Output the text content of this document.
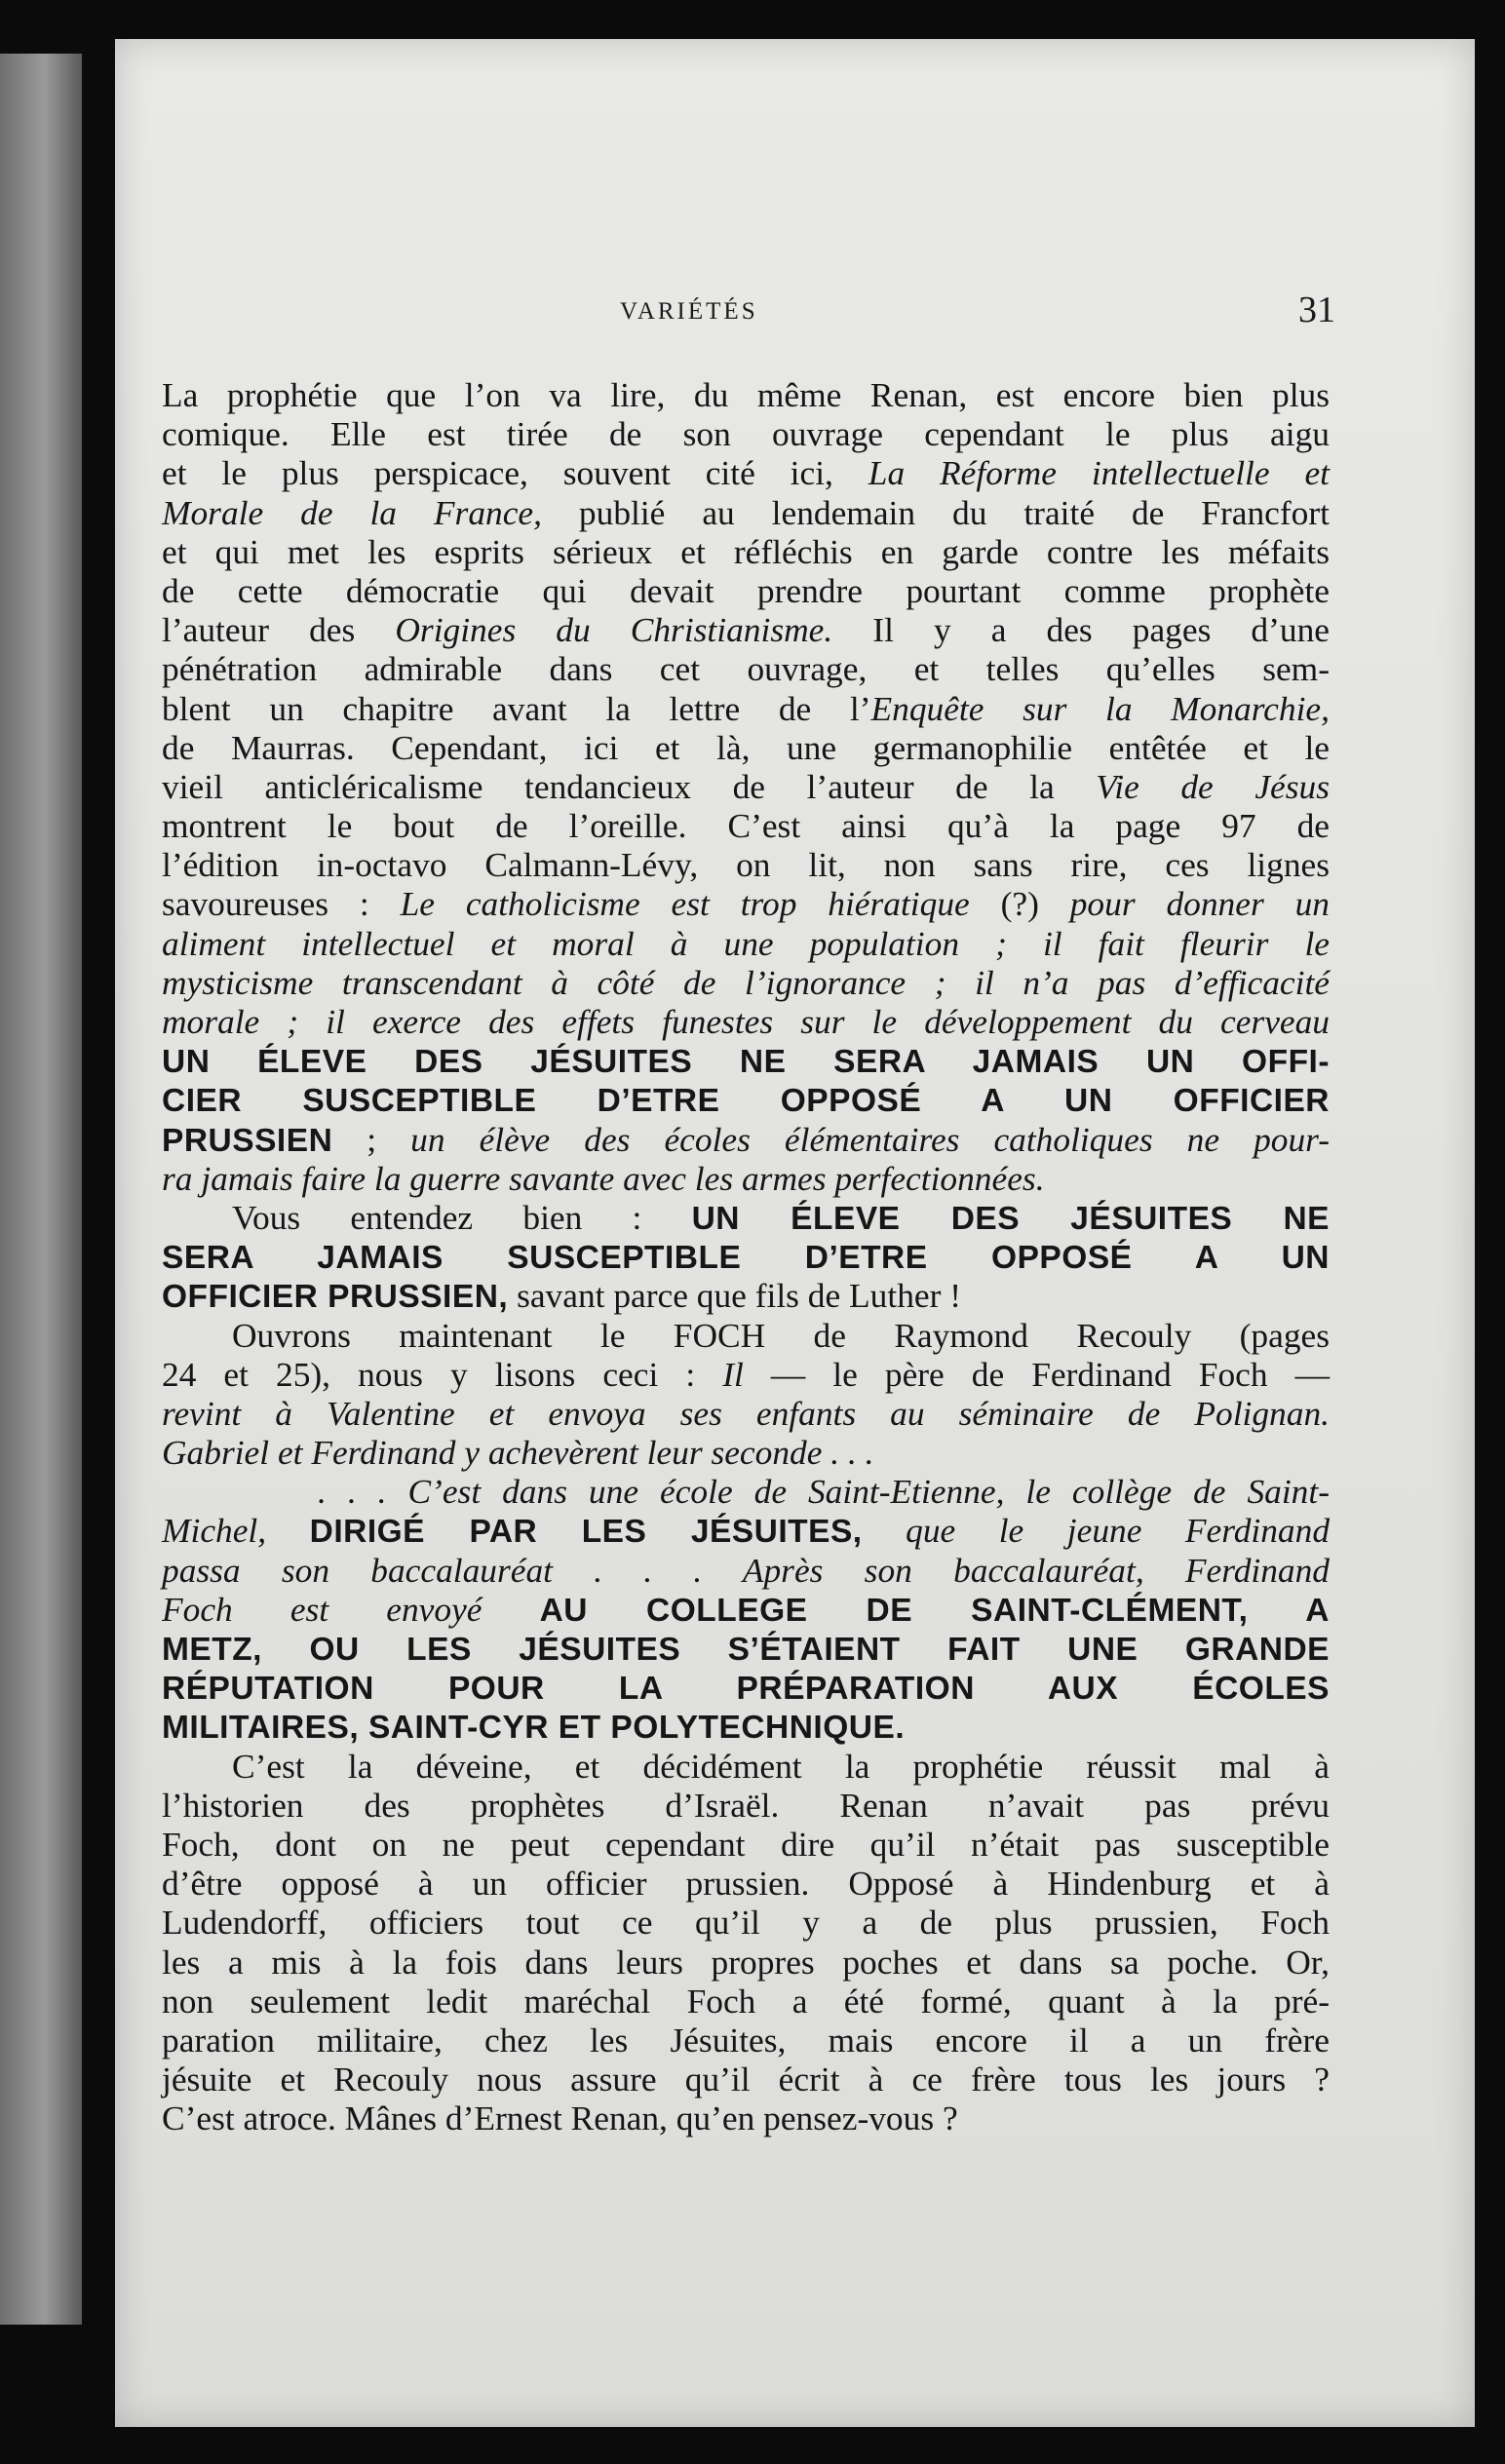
VARIÉTÉS	31
La prophétie que l’on va lire, du même Renan, est encore bien plus
comique. Elle est tirée de son ouvrage cependant le plus aigu
et le plus perspicace, souvent cité ici, La Réforme intellectuelle et
Morale de la France, publié au lendemain du traité de Francfort
et qui met les esprits sérieux et réfléchis en garde contre les méfaits
de cette démocratie qui devait prendre pourtant comme prophète
l’auteur des Origines du Christianisme. Il y a des pages d’une
pénétration admirable dans cet ouvrage, et telles qu’elles sem-
blent un chapitre avant la lettre de l’Enquête sur la Monarchie,
de Maurras. Cependant, ici et là, une germanophilie entêtée et le
vieil anticléricalisme tendancieux de l’auteur de la Vie de Jésus
montrent le bout de l’oreille. C’est ainsi qu’à la page 97 de
l’édition in-octavo Calmann-Lévy, on lit, non sans rire, ces lignes
savoureuses : Le catholicisme est trop hiératique (?) pour donner un
aliment intellectuel et moral à une population ; il fait fleurir le
mysticisme transcendant à côté de l’ignorance ; il n’a pas d’efficacité
morale ; il exerce des effets funestes sur le développement du cerveau
UN ÉLEVE DES JÉSUITES NE SERA JAMAIS UN OFFI-
CIER SUSCEPTIBLE D’ETRE OPPOSÉ A UN OFFICIER
PRUSSIEN ; un élève des écoles élémentaires catholiques ne pour-
ra jamais faire la guerre savante avec les armes perfectionnées.
Vous entendez bien : UN ÉLEVE DES JÉSUITES NE
SERA JAMAIS SUSCEPTIBLE D’ETRE OPPOSÉ A UN
OFFICIER PRUSSIEN, savant parce que fils de Luther !
Ouvrons maintenant le FOCH de Raymond Recouly (pages
24 et 25), nous y lisons ceci : Il — le père de Ferdinand Foch —
revint à Valentine et envoya ses enfants au séminaire de Polignan.
Gabriel et Ferdinand y achevèrent leur seconde . . .
. . . C’est dans une école de Saint-Etienne, le collège de Saint-
Michel, DIRIGÉ PAR LES JÉSUITES, que le jeune Ferdinand
passa son baccalauréat . . . Après son baccalauréat, Ferdinand
Foch est envoyé AU COLLEGE DE SAINT-CLÉMENT, A
METZ, OU LES JÉSUITES S’ÉTAIENT FAIT UNE GRANDE
RÉPUTATION POUR LA PRÉPARATION AUX ÉCOLES
MILITAIRES, SAINT-CYR ET POLYTECHNIQUE.
C’est la déveine, et décidément la prophétie réussit mal à
l’historien des prophètes d’Israël. Renan n’avait pas prévu
Foch, dont on ne peut cependant dire qu’il n’était pas susceptible
d’être opposé à un officier prussien. Opposé à Hindenburg et à
Ludendorff, officiers tout ce qu’il y a de plus prussien, Foch
les a mis à la fois dans leurs propres poches et dans sa poche. Or,
non seulement ledit maréchal Foch a été formé, quant à la pré-
paration militaire, chez les Jésuites, mais encore il a un frère
jésuite et Recouly nous assure qu’il écrit à ce frère tous les jours ?
C’est atroce. Mânes d’Ernest Renan, qu’en pensez-vous ?
